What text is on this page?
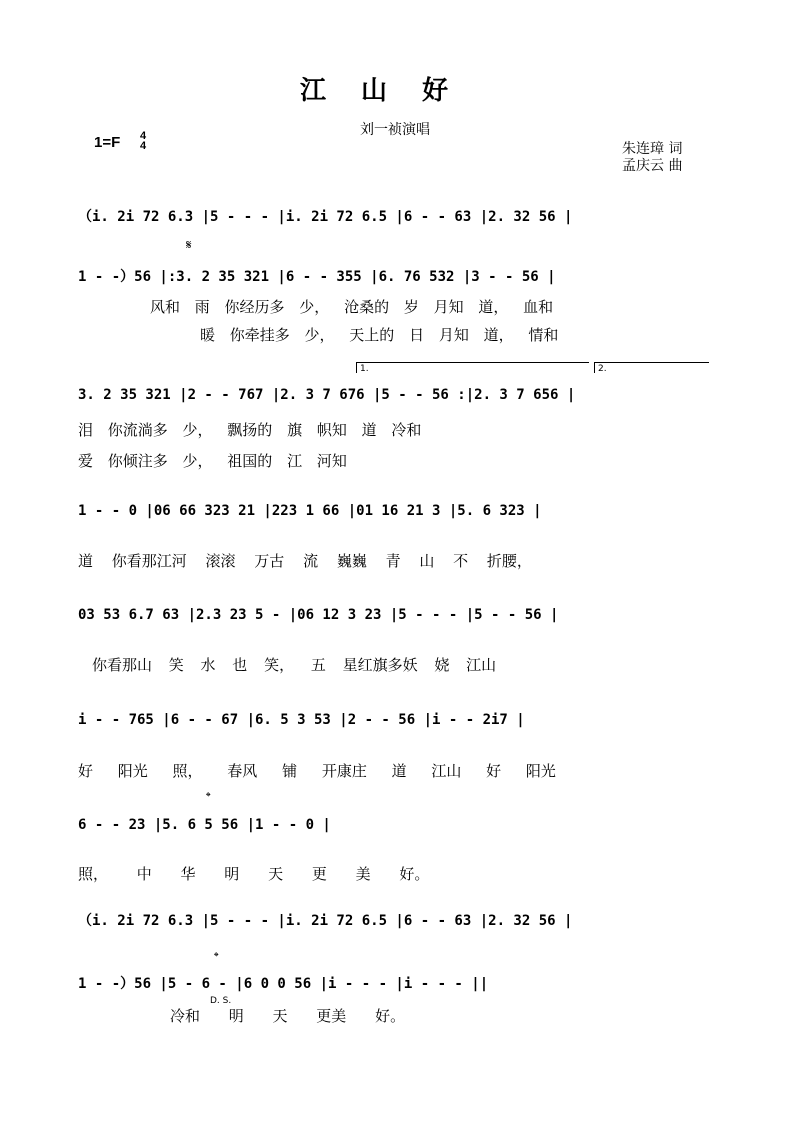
江 山 好
刘一祯演唱
1=F 4
4	朱连璋 词
孟庆云 曲
（i. 2i 72 6.3 |5 - - - |i. 2i 72 6.5 |6 - - 63 |2. 32 56 |
𝄋
1 - -）56 |:3. 2 35 321 |6 - - 355 |6. 76 532 |3 - - 56 |
风和 雨 你经历多 少， 沧桑的 岁 月知 道， 血和
暖 你牵挂多 少， 天上的 日 月知 道， 情和
1.	2.
3. 2 35 321 |2 - - 767 |2. 3 7 676 |5 - - 56 :|2. 3 7 656 |
泪 你流淌多 少， 飘扬的 旗 帜知 道 冷和
爱 你倾注多 少， 祖国的 江 河知
1 - - 0 |06 66 323 21 |223 1 66 |01 16 21 3 |5. 6 323 |
道 你看那江河 滚滚 万古 流 巍巍 青 山 不 折腰，
03 53 6.7 63 |2.3 23 5 - |06 12 3 23 |5 - - - |5 - - 56 |
你看那山 笑 水 也 笑， 五 星红旗多妖 娆 江山
i - - 765 |6 - - 67 |6. 5 3 53 |2 - - 56 |i - - 2i7 |
好 阳光 照， 春风 铺 开康庄 道 江山 好 阳光
𝄌
6 - - 23 |5. 6 5 56 |1 - - 0 |
照， 中 华 明 天 更 美 好。
（i. 2i 72 6.3 |5 - - - |i. 2i 72 6.5 |6 - - 63 |2. 32 56 |
𝄌
1 - -）56 |5 - 6 - |6 0 0 56 |i - - - |i - - - ||
D. S.
冷和 明 天 更美 好。
